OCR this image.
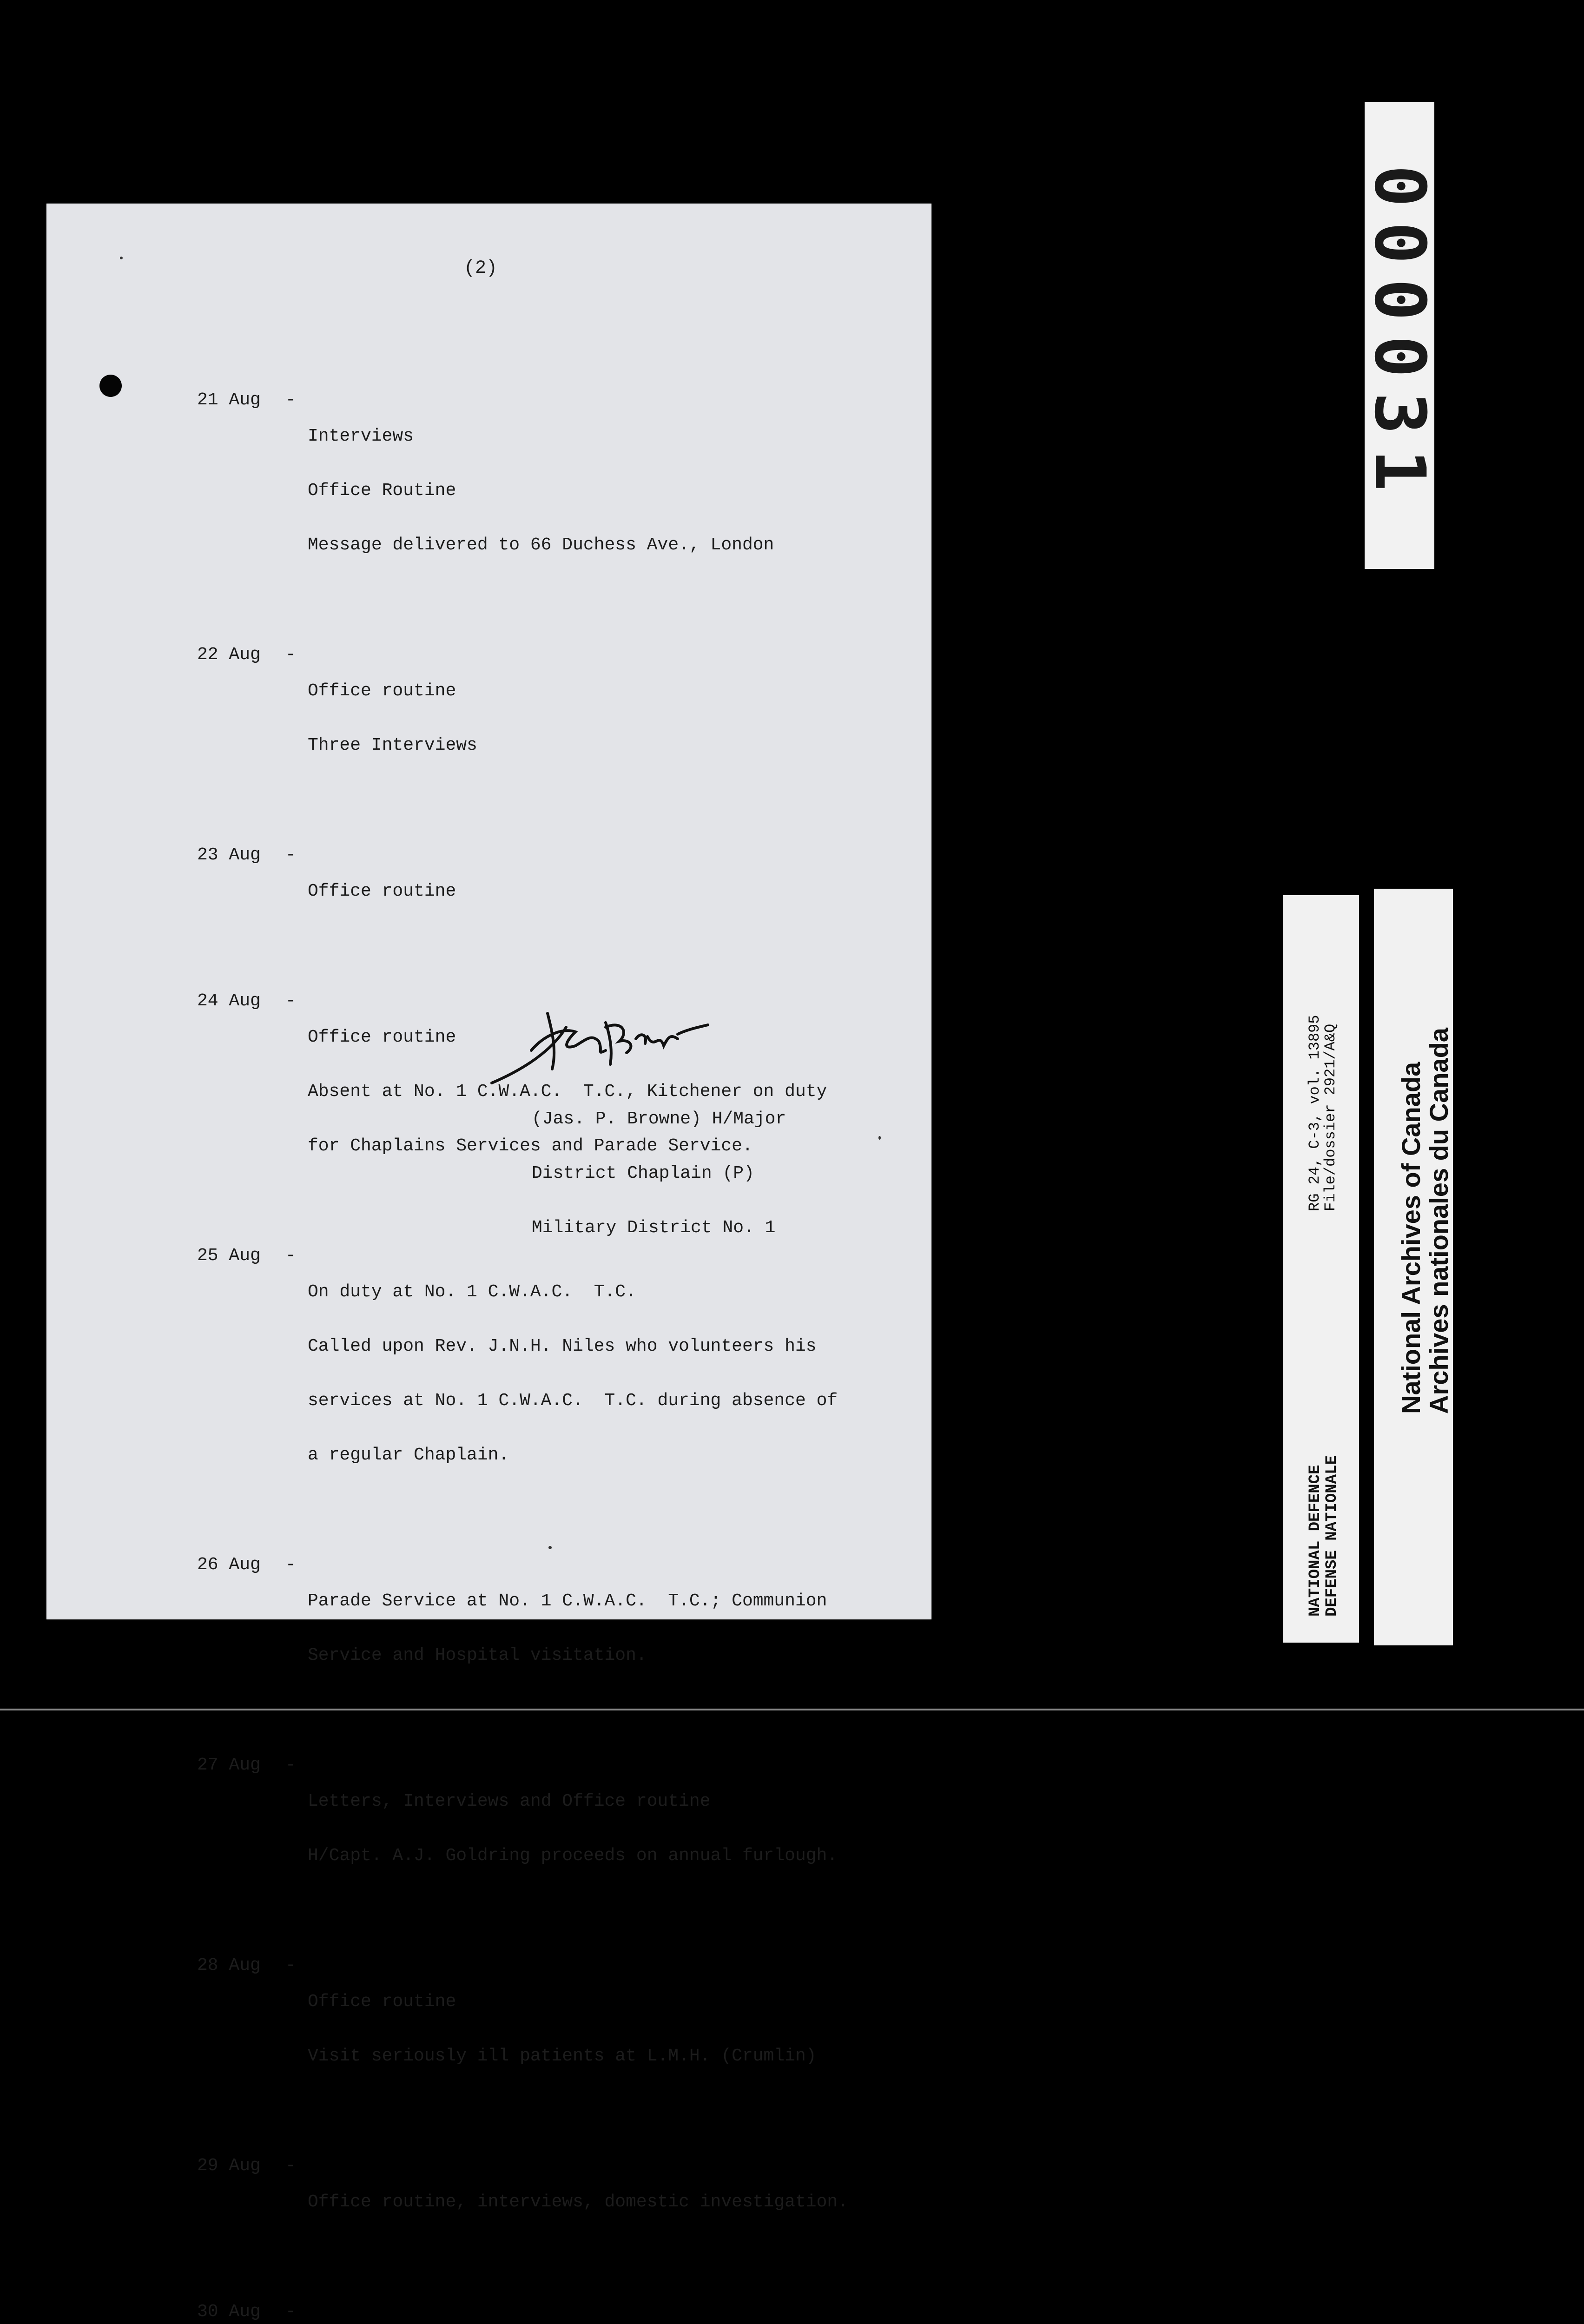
(2)

21 Aug	-

Interviews

Office Routine

Message delivered to 66 Duchess Ave., London

22 Aug	-

Office routine

Three Interviews

23 Aug	-

Office routine

24 Aug	-

Office routine

Absent at No. 1 C.W.A.C.  T.C., Kitchener on duty

for Chaplains Services and Parade Service.

25 Aug	-

On duty at No. 1 C.W.A.C.  T.C.

Called upon Rev. J.N.H. Niles who volunteers his

services at No. 1 C.W.A.C.  T.C. during absence of

a regular Chaplain.

26 Aug	-

Parade Service at No. 1 C.W.A.C.  T.C.; Communion

Service and Hospital visitation.

27 Aug	-

Letters, Interviews and Office routine

H/Capt. A.J. Goldring proceeds on annual furlough.

28 Aug	-

Office routine

Visit seriously ill patients at L.M.H. (Crumlin)

29 Aug	-

Office routine, interviews, domestic investigation.

30 Aug	-

(Jas. P. Browne) H/Major

District Chaplain (P)

Military District No. 1

000031
NATIONAL DEFENCE
DEFENSE NATIONALE
RG 24, C-3, vol. 13895
File/dossier 2921/A&Q National Archives of Canada
Archives nationales du Canada
